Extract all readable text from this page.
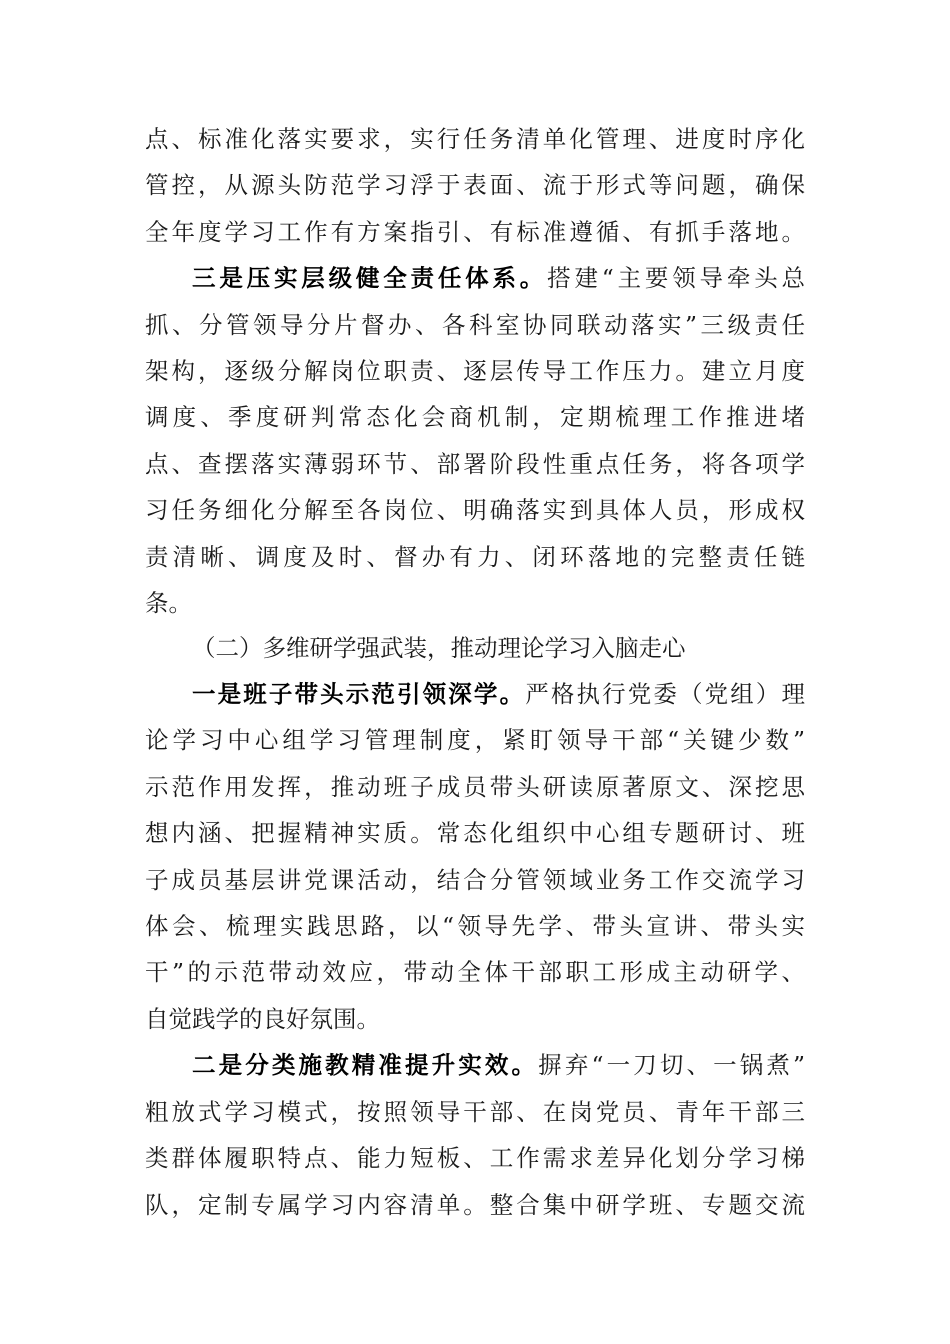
点、标准化落实要求，实行任务清单化管理、进度时序化
管控，从源头防范学习浮于表面、流于形式等问题，确保
全年度学习工作有方案指引、有标准遵循、有抓手落地。
三是压实层级健全责任体系。搭建“主要领导牵头总
抓、分管领导分片督办、各科室协同联动落实”三级责任
架构，逐级分解岗位职责、逐层传导工作压力。建立月度
调度、季度研判常态化会商机制，定期梳理工作推进堵
点、查摆落实薄弱环节、部署阶段性重点任务，将各项学
习任务细化分解至各岗位、明确落实到具体人员，形成权
责清晰、调度及时、督办有力、闭环落地的完整责任链
条。
（二）多维研学强武装，推动理论学习入脑走心
一是班子带头示范引领深学。严格执行党委（党组）理
论学习中心组学习管理制度，紧盯领导干部“关键少数”
示范作用发挥，推动班子成员带头研读原著原文、深挖思
想内涵、把握精神实质。常态化组织中心组专题研讨、班
子成员基层讲党课活动，结合分管领域业务工作交流学习
体会、梳理实践思路，以“领导先学、带头宣讲、带头实
干”的示范带动效应，带动全体干部职工形成主动研学、
自觉践学的良好氛围。
二是分类施教精准提升实效。摒弃“一刀切、一锅煮”
粗放式学习模式，按照领导干部、在岗党员、青年干部三
类群体履职特点、能力短板、工作需求差异化划分学习梯
队，定制专属学习内容清单。整合集中研学班、专题交流
